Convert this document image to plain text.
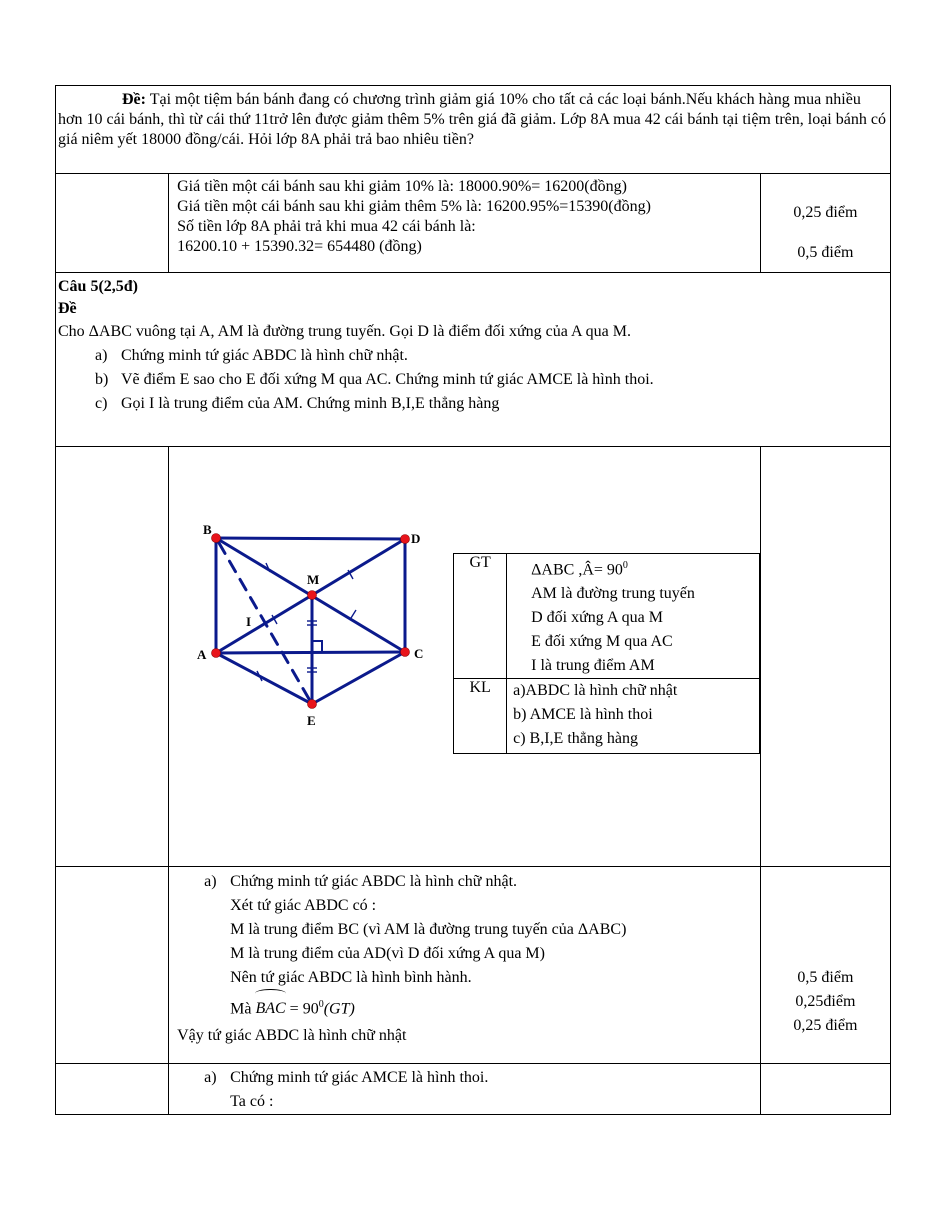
Đề: Tại một tiệm bán bánh đang có chương trình giảm giá 10% cho tất cả các loại bánh.Nếu khách hàng mua nhiều hơn 10 cái bánh, thì từ cái thứ 11trở lên được giảm thêm 5% trên giá đã giảm. Lớp 8A mua 42 cái bánh tại tiệm trên, loại bánh có giá niêm yết 18000 đồng/cái. Hỏi lớp 8A phải trả bao nhiêu tiền?

Giá tiền một cái bánh sau khi giảm 10% là: 18000.90%= 16200(đồng)
Giá tiền một cái bánh sau khi giảm thêm 5% là: 16200.95%=15390(đồng)
Số tiền lớp 8A phải trả khi mua 42 cái bánh là:
16200.10 + 15390.32= 654480 (đồng)

0,25 điểm
0,5 điểm

Câu 5(2,5đ)
Đề
Cho ΔABC vuông tại A, AM là đường trung tuyến. Gọi D là điểm đối xứng của A qua M.
a) Chứng minh tứ giác ABDC là hình chữ nhật.
b) Vẽ điểm E sao cho E đối xứng M qua AC. Chứng minh tứ giác AMCE là hình thoi.
c) Gọi I là trung điểm của AM. Chứng minh B,I,E thẳng hàng

B
D
M
I
A	C
E
GT	ΔABC ,Â= $90^0$
AM là đường trung tuyến
D đối xứng A qua M
E đối xứng M qua AC
I là trung điểm AM

KL	a)ABDC là hình chữ nhật
b) AMCE là hình thoi
c) B,I,E thẳng hàng

a) Chứng minh tứ giác ABDC là hình chữ nhật.
Xét tứ giác ABDC có :
M là trung điểm BC (vì AM là đường trung tuyến của ΔABC)
M là trung điểm của AD(vì D đối xứng A qua M)
Nên tứ giác ABDC là hình bình hành.
Mà BAC = $90^0(GT)$
Vậy tứ giác ABDC là hình chữ nhật

0,5 điểm
0,25điểm
0,25 điểm

a) Chứng minh tứ giác AMCE là hình thoi.
Ta có :
